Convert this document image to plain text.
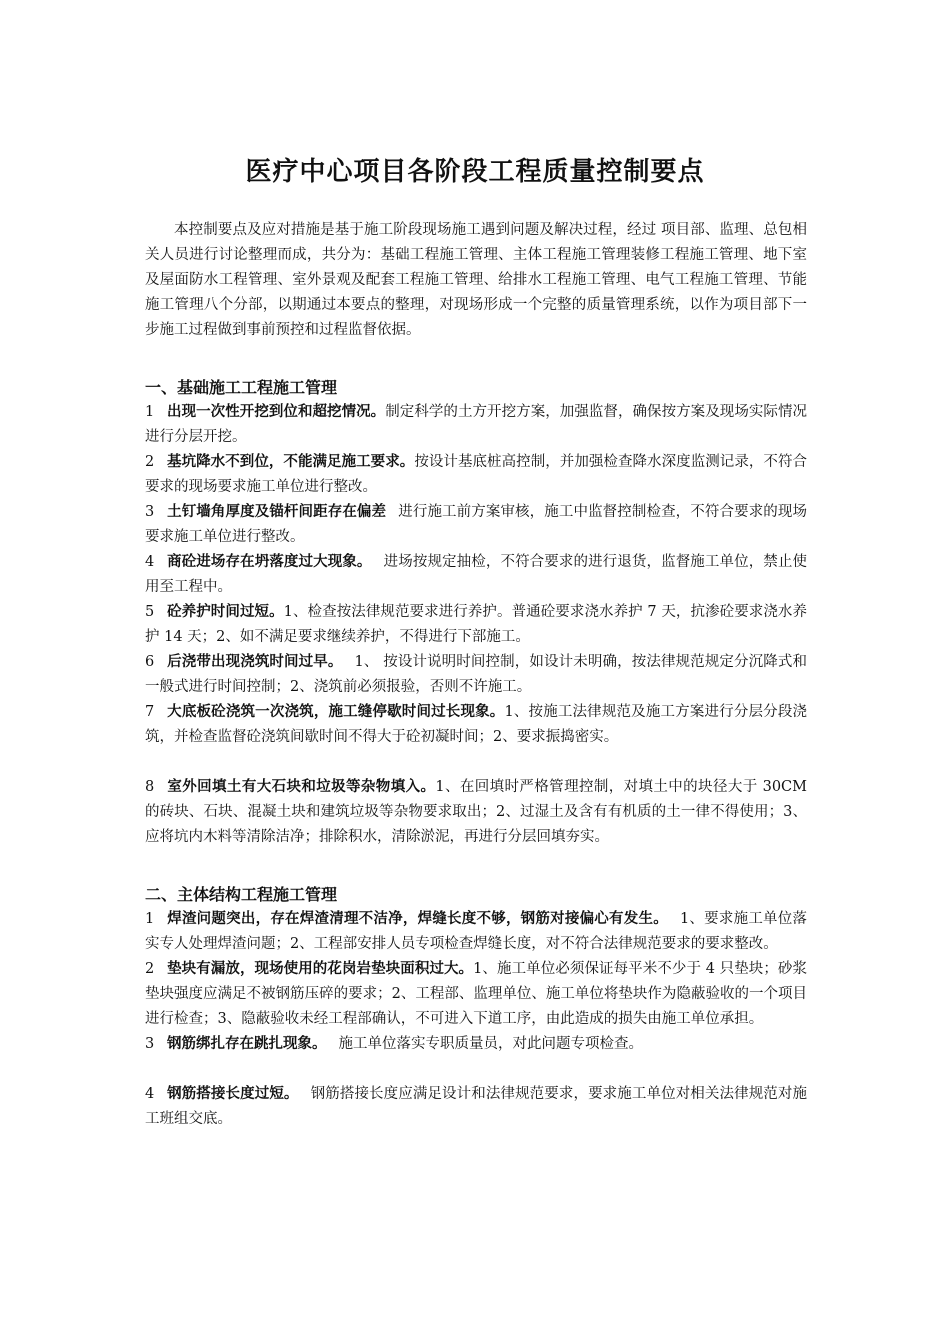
医疗中心项目各阶段工程质量控制要点

本控制要点及应对措施是基于施工阶段现场施工遇到问题及解决过程，经过 项目部、监理、总包相关人员进行讨论整理而成，共分为：基础工程施工管理、主体工程施工管理装修工程施工管理、地下室及屋面防水工程管理、室外景观及配套工程施工管理、给排水工程施工管理、电气工程施工管理、节能施工管理八个分部，以期通过本要点的整理，对现场形成一个完整的质量管理系统，以作为项目部下一步施工过程做到事前预控和过程监督依据。

一、基础施工工程施工管理

1 出现一次性开挖到位和超挖情况。制定科学的土方开挖方案，加强监督，确保按方案及现场实际情况进行分层开挖。

2 基坑降水不到位，不能满足施工要求。按设计基底桩高控制，并加强检查降水深度监测记录，不符合要求的现场要求施工单位进行整改。

3 土钉墙角厚度及锚杆间距存在偏差 进行施工前方案审核，施工中监督控制检查，不符合要求的现场要求施工单位进行整改。

4 商砼进场存在坍落度过大现象。 进场按规定抽检，不符合要求的进行退货，监督施工单位，禁止使用至工程中。

5 砼养护时间过短。1、检查按法律规范要求进行养护。普通砼要求浇水养护 7 天，抗渗砼要求浇水养护 14 天；2、如不满足要求继续养护，不得进行下部施工。

6 后浇带出现浇筑时间过早。 1、 按设计说明时间控制，如设计未明确，按法律规范规定分沉降式和一般式进行时间控制；2、浇筑前必须报验，否则不许施工。

7 大底板砼浇筑一次浇筑，施工缝停歇时间过长现象。1、按施工法律规范及施工方案进行分层分段浇筑，并检查监督砼浇筑间歇时间不得大于砼初凝时间；2、要求振捣密实。

8 室外回填土有大石块和垃圾等杂物填入。1、在回填时严格管理控制，对填土中的块径大于 30CM 的砖块、石块、混凝土块和建筑垃圾等杂物要求取出；2、过湿土及含有有机质的土一律不得使用；3、应将坑内木料等清除洁净；排除积水，清除淤泥，再进行分层回填夯实。

二、主体结构工程施工管理

1 焊渣问题突出，存在焊渣清理不洁净，焊缝长度不够，钢筋对接偏心有发生。 1、要求施工单位落实专人处理焊渣问题；2、工程部安排人员专项检查焊缝长度，对不符合法律规范要求的要求整改。

2 垫块有漏放，现场使用的花岗岩垫块面积过大。1、施工单位必须保证每平米不少于 4 只垫块；砂浆垫块强度应满足不被钢筋压碎的要求；2、工程部、监理单位、施工单位将垫块作为隐蔽验收的一个项目进行检查；3、隐蔽验收未经工程部确认，不可进入下道工序，由此造成的损失由施工单位承担。

3 钢筋绑扎存在跳扎现象。 施工单位落实专职质量员，对此问题专项检查。

4 钢筋搭接长度过短。 钢筋搭接长度应满足设计和法律规范要求，要求施工单位对相关法律规范对施工班组交底。
